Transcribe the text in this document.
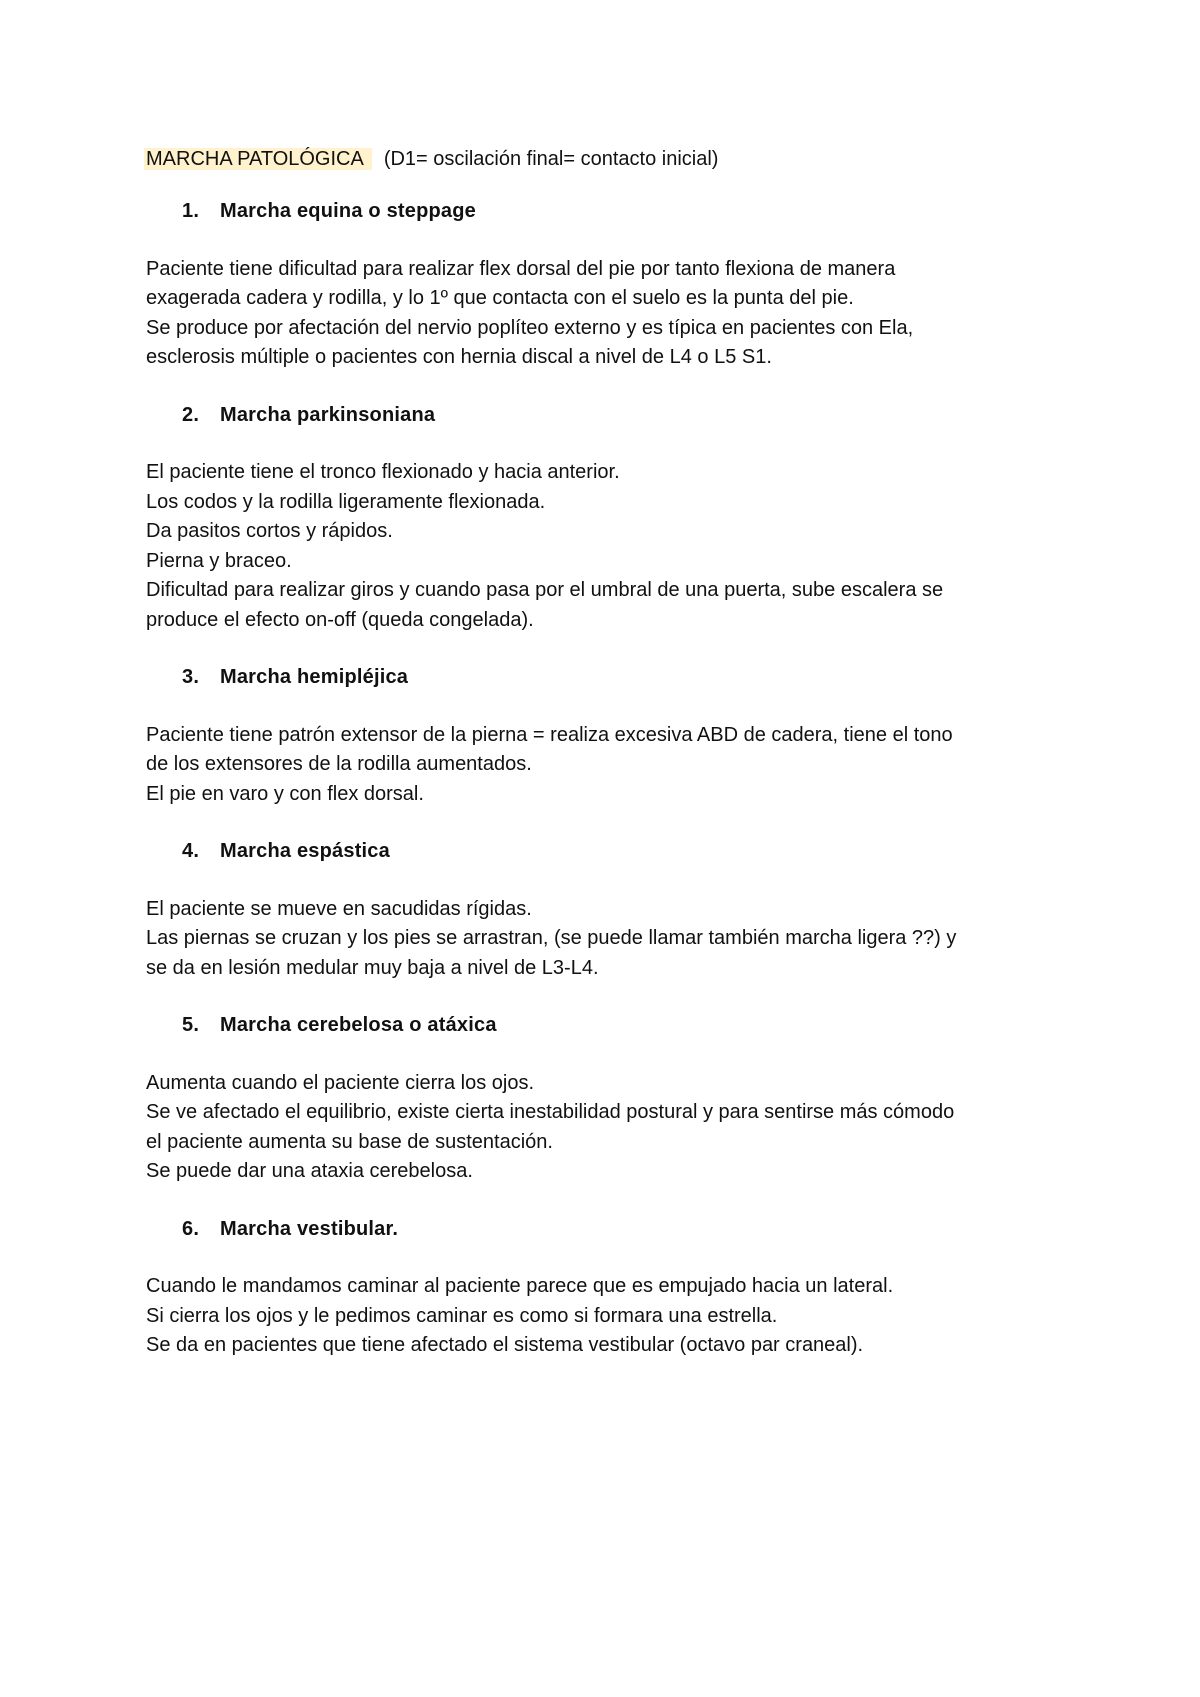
MARCHA PATOLÓGICA (D1= oscilación final= contacto inicial)
1. Marcha equina o steppage
Paciente tiene dificultad para realizar flex dorsal del pie por tanto flexiona de manera
exagerada cadera y rodilla, y lo 1º que contacta con el suelo es la punta del pie.
Se produce por afectación del nervio poplíteo externo y es típica en pacientes con Ela,
esclerosis múltiple o pacientes con hernia discal a nivel de L4 o L5 S1.
2. Marcha parkinsoniana
El paciente tiene el tronco flexionado y hacia anterior.
Los codos y la rodilla ligeramente flexionada.
Da pasitos cortos y rápidos.
Pierna y braceo.
Dificultad para realizar giros y cuando pasa por el umbral de una puerta, sube escalera se
produce el efecto on-off (queda congelada).
3. Marcha hemipléjica
Paciente tiene patrón extensor de la pierna = realiza excesiva ABD de cadera, tiene el tono
de los extensores de la rodilla aumentados.
El pie en varo y con flex dorsal.
4. Marcha espástica
El paciente se mueve en sacudidas rígidas.
Las piernas se cruzan y los pies se arrastran, (se puede llamar también marcha ligera ??) y
se da en lesión medular muy baja a nivel de L3-L4.
5. Marcha cerebelosa o atáxica
Aumenta cuando el paciente cierra los ojos.
Se ve afectado el equilibrio, existe cierta inestabilidad postural y para sentirse más cómodo
el paciente aumenta su base de sustentación.
Se puede dar una ataxia cerebelosa.
6. Marcha vestibular.
Cuando le mandamos caminar al paciente parece que es empujado hacia un lateral.
Si cierra los ojos y le pedimos caminar es como si formara una estrella.
Se da en pacientes que tiene afectado el sistema vestibular (octavo par craneal).
